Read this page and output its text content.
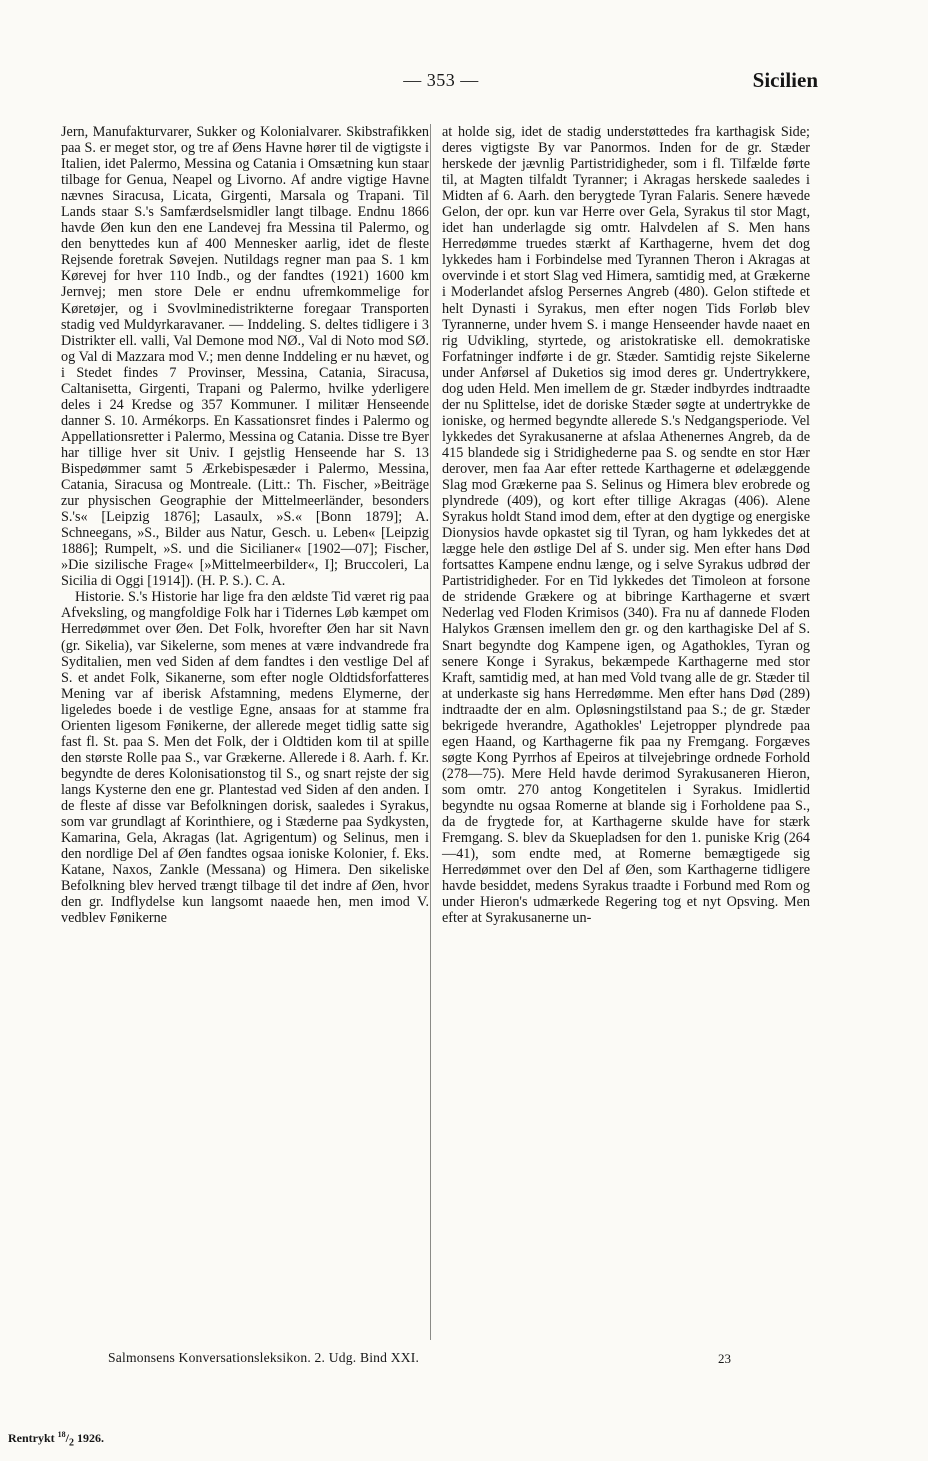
— 353 —	Sicilien

Jern, Manufakturvarer, Sukker og Kolonialvarer. Skibstrafikken paa S. er meget stor, og tre af Øens Havne hører til de vigtigste i Italien, idet Palermo, Messina og Catania i Omsætning kun staar tilbage for Genua, Neapel og Livorno. Af andre vigtige Havne nævnes Siracusa, Licata, Girgenti, Marsala og Trapani. Til Lands staar S.'s Samfærdselsmidler langt tilbage. Endnu 1866 havde Øen kun den ene Landevej fra Messina til Palermo, og den benyttedes kun af 400 Mennesker aarlig, idet de fleste Rejsende foretrak Søvejen. Nutildags regner man paa S. 1 km Kørevej for hver 110 Indb., og der fandtes (1921) 1600 km Jernvej; men store Dele er endnu ufremkommelige for Køretøjer, og i Svovlminedistrikterne foregaar Transporten stadig ved Muldyrkaravaner. — Inddeling. S. deltes tidligere i 3 Distrikter ell. valli, Val Demone mod NØ., Val di Noto mod SØ. og Val di Mazzara mod V.; men denne Inddeling er nu hævet, og i Stedet findes 7 Provinser, Messina, Catania, Siracusa, Caltanisetta, Girgenti, Trapani og Palermo, hvilke yderligere deles i 24 Kredse og 357 Kommuner. I militær Henseende danner S. 10. Armékorps. En Kassationsret findes i Palermo og Appellationsretter i Palermo, Messina og Catania. Disse tre Byer har tillige hver sit Univ. I gejstlig Henseende har S. 13 Bispedømmer samt 5 Ærkebispesæder i Palermo, Messina, Catania, Siracusa og Montreale. (Litt.: Th. Fischer, »Beiträge zur physischen Geographie der Mittelmeerländer, besonders S.'s« [Leipzig 1876]; Lasaulx, »S.« [Bonn 1879]; A. Schneegans, »S., Bilder aus Natur, Gesch. u. Leben« [Leipzig 1886]; Rumpelt, »S. und die Sicilianer« [1902—07]; Fischer, »Die sizilische Frage« [»Mittelmeerbilder«, I]; Bruccoleri, La Sicilia di Oggi [1914]). (H. P. S.). C. A.

Historie. S.'s Historie har lige fra den ældste Tid været rig paa Afveksling, og mangfoldige Folk har i Tidernes Løb kæmpet om Herredømmet over Øen. Det Folk, hvorefter Øen har sit Navn (gr. Sikelia), var Sikelerne, som menes at være indvandrede fra Syditalien, men ved Siden af dem fandtes i den vestlige Del af S. et andet Folk, Sikanerne, som efter nogle Oldtidsforfatteres Mening var af iberisk Afstamning, medens Elymerne, der ligeledes boede i de vestlige Egne, ansaas for at stamme fra Orienten ligesom Fønikerne, der allerede meget tidlig satte sig fast fl. St. paa S. Men det Folk, der i Oldtiden kom til at spille den største Rolle paa S., var Grækerne. Allerede i 8. Aarh. f. Kr. begyndte de deres Kolonisationstog til S., og snart rejste der sig langs Kysterne den ene gr. Plantestad ved Siden af den anden. I de fleste af disse var Befolkningen dorisk, saaledes i Syrakus, som var grundlagt af Korinthiere, og i Stæderne paa Sydkysten, Kamarina, Gela, Akragas (lat. Agrigentum) og Selinus, men i den nordlige Del af Øen fandtes ogsaa ioniske Kolonier, f. Eks. Katane, Naxos, Zankle (Messana) og Himera. Den sikeliske Befolkning blev herved trængt tilbage til det indre af Øen, hvor den gr. Indflydelse kun langsomt naaede hen, men imod V. vedblev Fønikerne

at holde sig, idet de stadig understøttedes fra karthagisk Side; deres vigtigste By var Panormos. Inden for de gr. Stæder herskede der jævnlig Partistridigheder, som i fl. Tilfælde førte til, at Magten tilfaldt Tyranner; i Akragas herskede saaledes i Midten af 6. Aarh. den berygtede Tyran Falaris. Senere hævede Gelon, der opr. kun var Herre over Gela, Syrakus til stor Magt, idet han underlagde sig omtr. Halvdelen af S. Men hans Herredømme truedes stærkt af Karthagerne, hvem det dog lykkedes ham i Forbindelse med Tyrannen Theron i Akragas at overvinde i et stort Slag ved Himera, samtidig med, at Grækerne i Moderlandet afslog Persernes Angreb (480). Gelon stiftede et helt Dynasti i Syrakus, men efter nogen Tids Forløb blev Tyrannerne, under hvem S. i mange Henseender havde naaet en rig Udvikling, styrtede, og aristokratiske ell. demokratiske Forfatninger indførte i de gr. Stæder. Samtidig rejste Sikelerne under Anførsel af Duketios sig imod deres gr. Undertrykkere, dog uden Held. Men imellem de gr. Stæder indbyrdes indtraadte der nu Splittelse, idet de doriske Stæder søgte at undertrykke de ioniske, og hermed begyndte allerede S.'s Nedgangsperiode. Vel lykkedes det Syrakusanerne at afslaa Athenernes Angreb, da de 415 blandede sig i Stridighederne paa S. og sendte en stor Hær derover, men faa Aar efter rettede Karthagerne et ødelæggende Slag mod Grækerne paa S. Selinus og Himera blev erobrede og plyndrede (409), og kort efter tillige Akragas (406). Alene Syrakus holdt Stand imod dem, efter at den dygtige og energiske Dionysios havde opkastet sig til Tyran, og ham lykkedes det at lægge hele den østlige Del af S. under sig. Men efter hans Død fortsattes Kampene endnu længe, og i selve Syrakus udbrød der Partistridigheder. For en Tid lykkedes det Timoleon at forsone de stridende Grækere og at bibringe Karthagerne et svært Nederlag ved Floden Krimisos (340). Fra nu af dannede Floden Halykos Grænsen imellem den gr. og den karthagiske Del af S. Snart begyndte dog Kampene igen, og Agathokles, Tyran og senere Konge i Syrakus, bekæmpede Karthagerne med stor Kraft, samtidig med, at han med Vold tvang alle de gr. Stæder til at underkaste sig hans Herredømme. Men efter hans Død (289) indtraadte der en alm. Opløsningstilstand paa S.; de gr. Stæder bekrigede hverandre, Agathokles' Lejetropper plyndrede paa egen Haand, og Karthagerne fik paa ny Fremgang. Forgæves søgte Kong Pyrrhos af Epeiros at tilvejebringe ordnede Forhold (278—75). Mere Held havde derimod Syrakusaneren Hieron, som omtr. 270 antog Kongetitelen i Syrakus. Imidlertid begyndte nu ogsaa Romerne at blande sig i Forholdene paa S., da de frygtede for, at Karthagerne skulde have for stærk Fremgang. S. blev da Skuepladsen for den 1. puniske Krig (264—41), som endte med, at Romerne bemægtigede sig Herredømmet over den Del af Øen, som Karthagerne tidligere havde besiddet, medens Syrakus traadte i Forbund med Rom og under Hieron's udmærkede Regering tog et nyt Opsving. Men efter at Syrakusanerne un-

Salmonsens Konversationsleksikon. 2. Udg. Bind XXI.	23
Rentrykt $^{18}/_2$ 1926.
